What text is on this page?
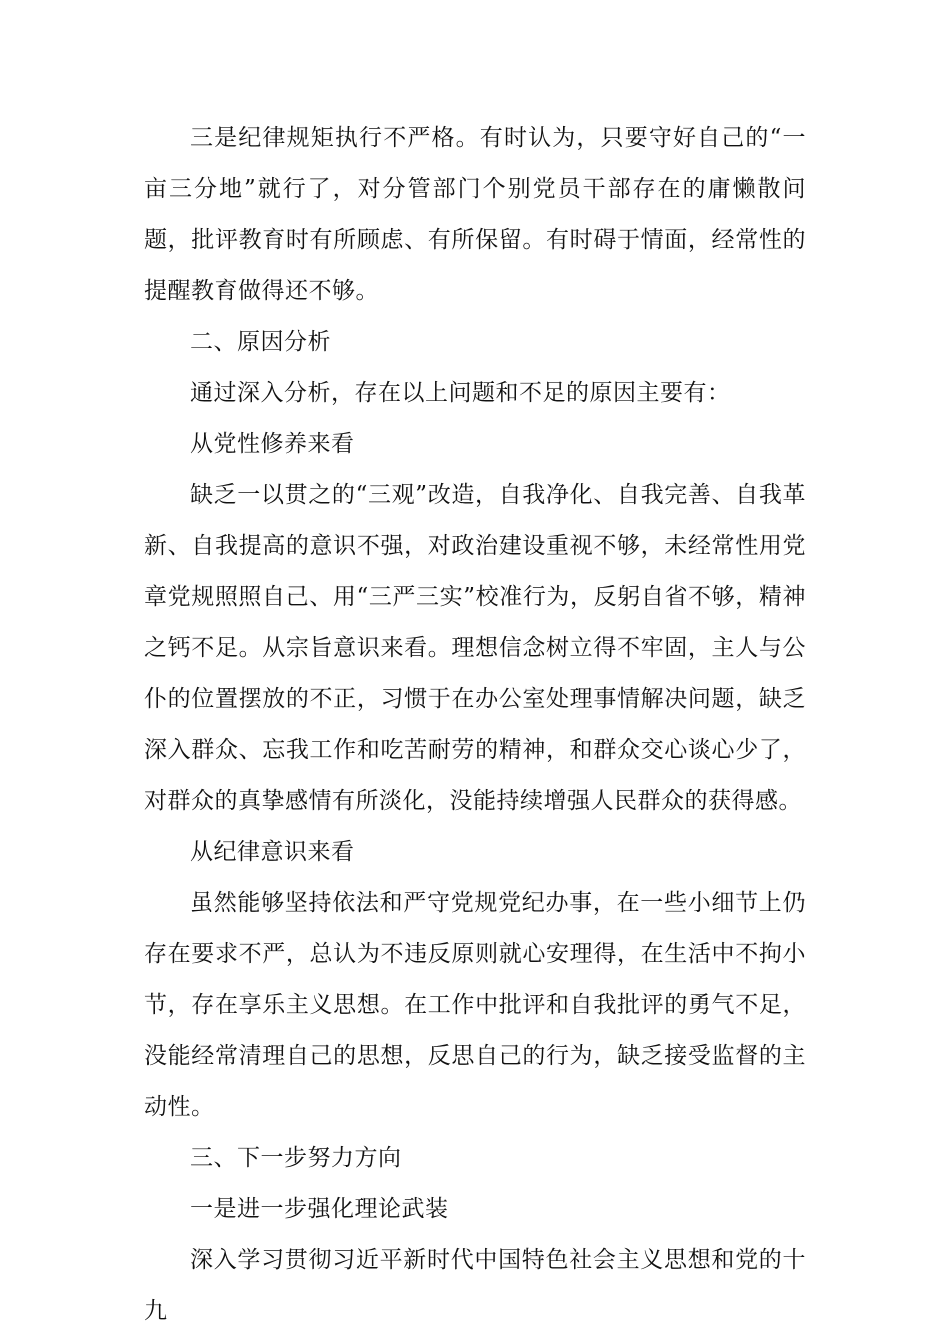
三是纪律规矩执行不严格。有时认为，只要守好自己的“一亩三分地”就行了，对分管部门个别党员干部存在的庸懒散问题，批评教育时有所顾虑、有所保留。有时碍于情面，经常性的提醒教育做得还不够。

二、原因分析

通过深入分析，存在以上问题和不足的原因主要有：

从党性修养来看

缺乏一以贯之的“三观”改造，自我净化、自我完善、自我革新、自我提高的意识不强，对政治建设重视不够，未经常性用党章党规照照自己、用“三严三实”校准行为，反躬自省不够，精神之钙不足。从宗旨意识来看。理想信念树立得不牢固，主人与公仆的位置摆放的不正，习惯于在办公室处理事情解决问题，缺乏深入群众、忘我工作和吃苦耐劳的精神，和群众交心谈心少了，对群众的真挚感情有所淡化，没能持续增强人民群众的获得感。

从纪律意识来看

虽然能够坚持依法和严守党规党纪办事，在一些小细节上仍存在要求不严，总认为不违反原则就心安理得，在生活中不拘小节，存在享乐主义思想。在工作中批评和自我批评的勇气不足，没能经常清理自己的思想，反思自己的行为，缺乏接受监督的主动性。

三、下一步努力方向

一是进一步强化理论武装

深入学习贯彻习近平新时代中国特色社会主义思想和党的十九
